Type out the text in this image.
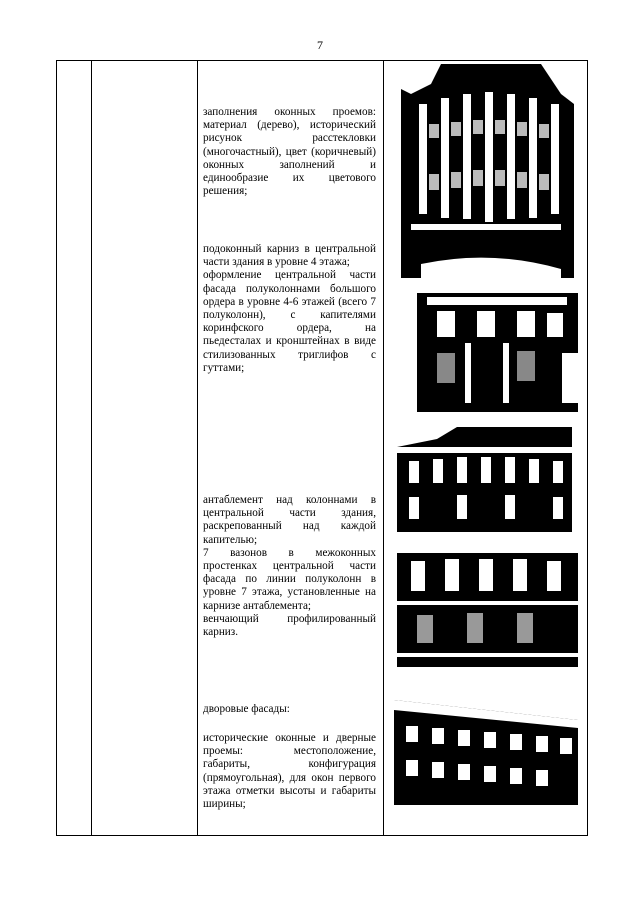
7

заполнения оконных проемов: материал (дерево), исторический рисунок расстекловки (многочастный), цвет (коричневый) оконных заполнений и единообразие их цветового решения;

подоконный карниз в центральной части здания в уровне 4 этажа;

оформление центральной части фасада полуколоннами большого ордера в уровне 4-6 этажей (всего 7 полуколонн), с капителями коринфского ордера, на пьедесталах и кронштейнах в виде стилизованных триглифов с гуттами;

антаблемент над колоннами в центральной части здания, раскрепованный над каждой капителью;

7 вазонов в межоконных простенках центральной части фасада по линии полуколонн в уровне 7 этажа, установленные на карнизе антаблемента;

венчающий профилированный карниз.

дворовые фасады:

исторические оконные и дверные проемы: местоположение, габариты, конфигурация (прямоугольная), для окон первого этажа отметки высоты и габариты ширины;
